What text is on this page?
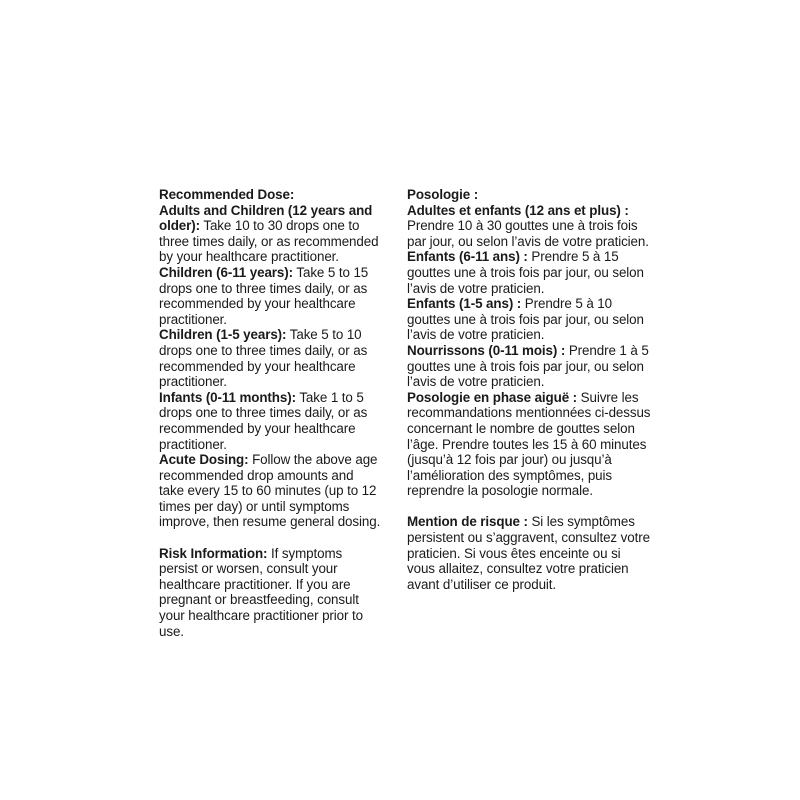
Recommended Dose:

Adults and Children (12 years and older): Take 10 to 30 drops one to three times daily, or as recommended by your healthcare practitioner.

Children (6-11 years): Take 5 to 15 drops one to three times daily, or as recommended by your healthcare practitioner.

Children (1-5 years): Take 5 to 10 drops one to three times daily, or as recommended by your healthcare practitioner.

Infants (0-11 months): Take 1 to 5 drops one to three times daily, or as recommended by your healthcare practitioner.

Acute Dosing: Follow the above age recommended drop amounts and take every 15 to 60 minutes (up to 12 times per day) or until symptoms improve, then resume general dosing.

Risk Information: If symptoms persist or worsen, consult your healthcare practitioner. If you are pregnant or breastfeeding, consult your healthcare practitioner prior to use.

Posologie :

Adultes et enfants (12 ans et plus) : Prendre 10 à 30 gouttes une à trois fois par jour, ou selon l’avis de votre praticien.

Enfants (6-11 ans) : Prendre 5 à 15 gouttes une à trois fois par jour, ou selon l’avis de votre praticien.

Enfants (1-5 ans) : Prendre 5 à 10 gouttes une à trois fois par jour, ou selon l’avis de votre praticien.

Nourrissons (0-11 mois) : Prendre 1 à 5 gouttes une à trois fois par jour, ou selon l’avis de votre praticien.

Posologie en phase aiguë : Suivre les recommandations mentionnées ci-dessus concernant le nombre de gouttes selon l’âge. Prendre toutes les 15 à 60 minutes (jusqu’à 12 fois par jour) ou jusqu’à l’amélioration des symptômes, puis reprendre la posologie normale.

Mention de risque : Si les symptômes persistent ou s’aggravent, consultez votre praticien. Si vous êtes enceinte ou si vous allaitez, consultez votre praticien avant d’utiliser ce produit.
